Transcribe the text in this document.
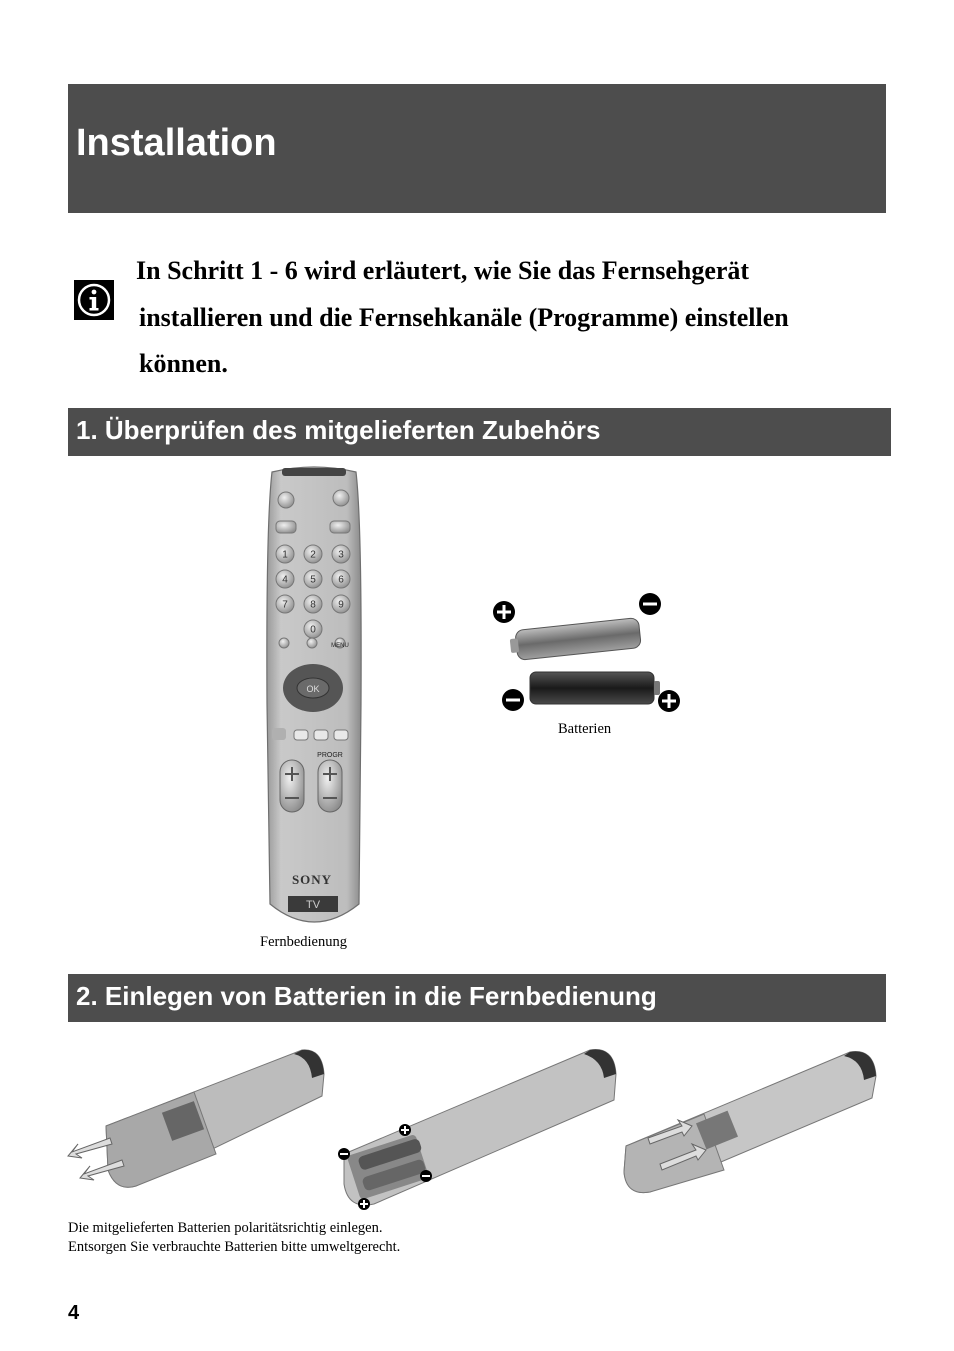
Installation
In Schritt 1 - 6 wird erläutert, wie Sie das Fernsehgerät
installieren und die Fernsehkanäle (Programme) einstellen
können.
1. Überprüfen des mitgelieferten Zubehörs
1 2 3
4 5 6
7 8 9
0
MENU
OK
PROGR
SONY
TV
Fernbedienung
Batterien
2. Einlegen von Batterien in die Fernbedienung
Die mitgelieferten Batterien polaritätsrichtig einlegen.
Entsorgen Sie verbrauchte Batterien bitte umweltgerecht.
4
